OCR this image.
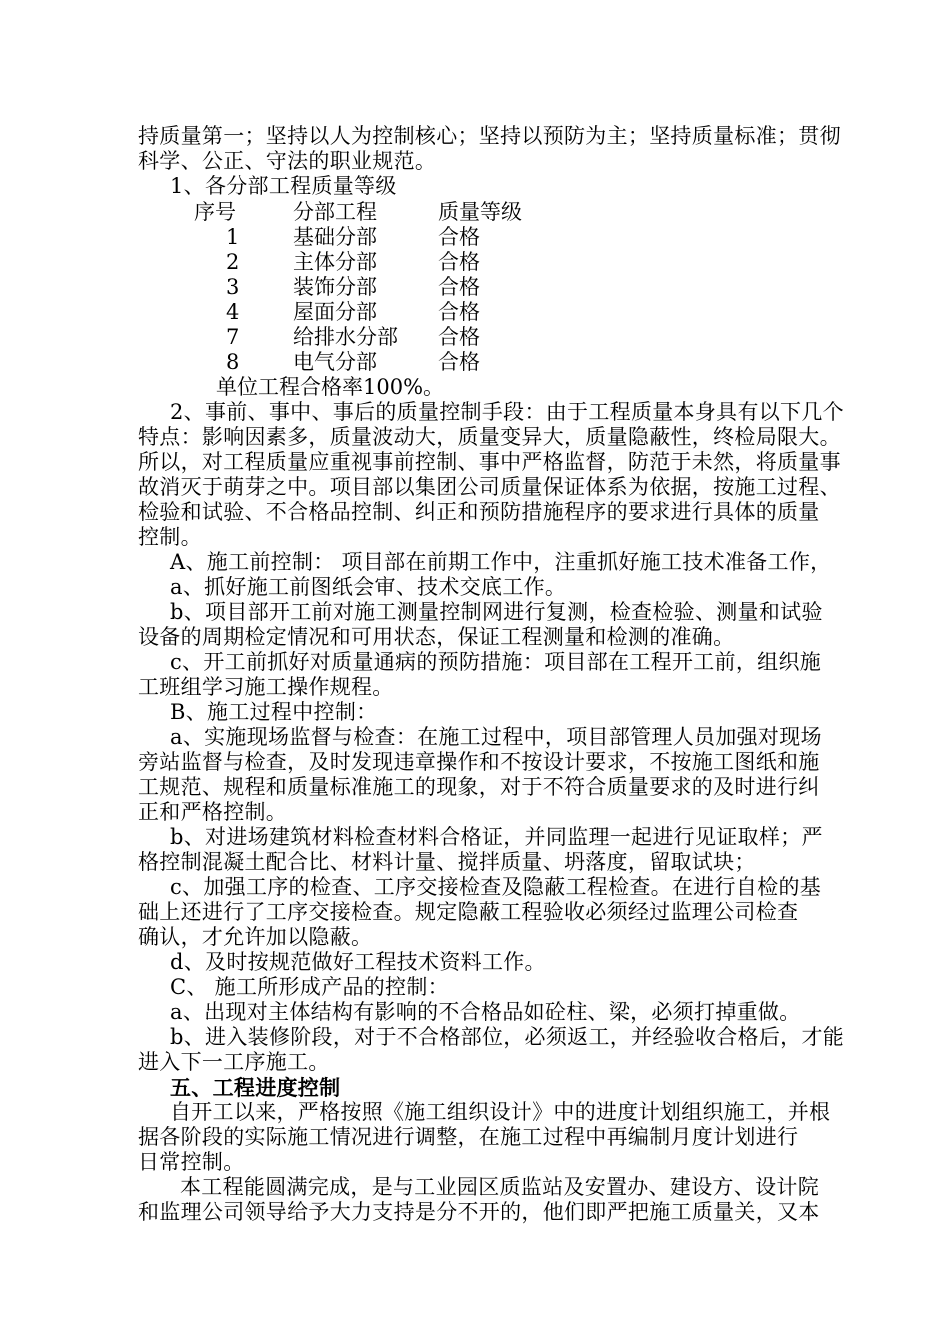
持质量第一；坚持以人为控制核心；坚持以预防为主；坚持质量标准；贯彻
科学、公正、守法的职业规范。
1、各分部工程质量等级
序号	分部工程	质量等级
1	基础分部	合格
2	主体分部	合格
3	装饰分部	合格
4	屋面分部	合格
7	给排水分部 合格
8	电气分部	合格
单位工程合格率100%。
2、事前、事中、事后的质量控制手段：由于工程质量本身具有以下几个
特点：影响因素多，质量波动大，质量变异大，质量隐蔽性，终检局限大。
所以，对工程质量应重视事前控制、事中严格监督，防范于未然，将质量事
故消灭于萌芽之中。项目部以集团公司质量保证体系为依据，按施工过程、
检验和试验、不合格品控制、纠正和预防措施程序的要求进行具体的质量
控制。
A、施工前控制： 项目部在前期工作中，注重抓好施工技术准备工作，
a、抓好施工前图纸会审、技术交底工作。
b、项目部开工前对施工测量控制网进行复测，检查检验、测量和试验
设备的周期检定情况和可用状态，保证工程测量和检测的准确。
c、开工前抓好对质量通病的预防措施：项目部在工程开工前，组织施
工班组学习施工操作规程。
B、施工过程中控制：
a、实施现场监督与检查：在施工过程中，项目部管理人员加强对现场
旁站监督与检查，及时发现违章操作和不按设计要求，不按施工图纸和施
工规范、规程和质量标准施工的现象，对于不符合质量要求的及时进行纠
正和严格控制。
b、对进场建筑材料检查材料合格证，并同监理一起进行见证取样；严
格控制混凝土配合比、材料计量、搅拌质量、坍落度，留取试块；
c、加强工序的检查、工序交接检查及隐蔽工程检查。在进行自检的基
础上还进行了工序交接检查。规定隐蔽工程验收必须经过监理公司检查
确认，才允许加以隐蔽。
d、及时按规范做好工程技术资料工作。
C、 施工所形成产品的控制：
a、出现对主体结构有影响的不合格品如砼柱、梁，必须打掉重做。
b、进入装修阶段，对于不合格部位，必须返工，并经验收合格后，才能
进入下一工序施工。
五、工程进度控制
自开工以来，严格按照《施工组织设计》中的进度计划组织施工，并根
据各阶段的实际施工情况进行调整，在施工过程中再编制月度计划进行
日常控制。
本工程能圆满完成，是与工业园区质监站及安置办、建设方、设计院
和监理公司领导给予大力支持是分不开的，他们即严把施工质量关，又本
